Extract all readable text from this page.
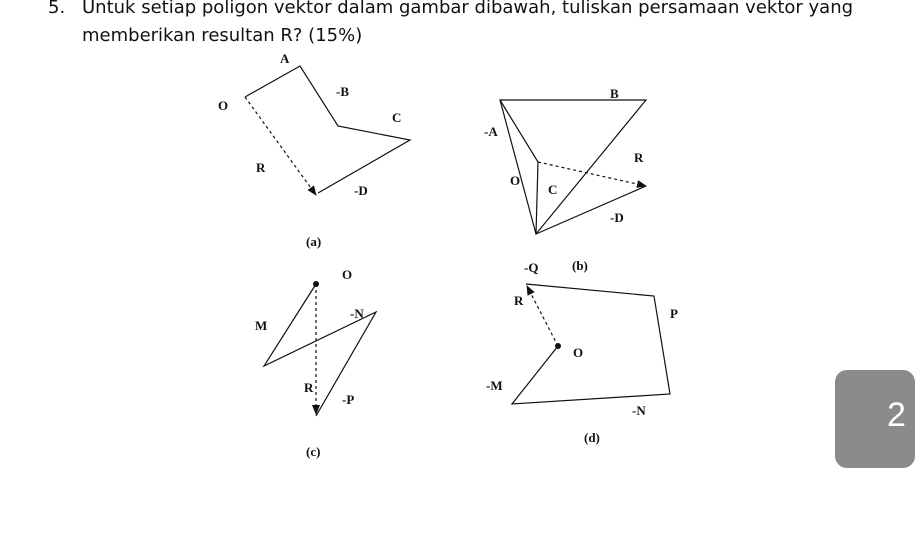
5. Untuk setiap poligon vektor dalam gambar dibawah, tuliskan persamaan vektor yang
memberikan resultan R? (15%)
A
O
-B
C
R
-D
(a)
B
-A
R
O
C
-D
(b)
O
-N
M
R
-P
(c)
-Q
R
P
O
-M
-N
(d)
2
